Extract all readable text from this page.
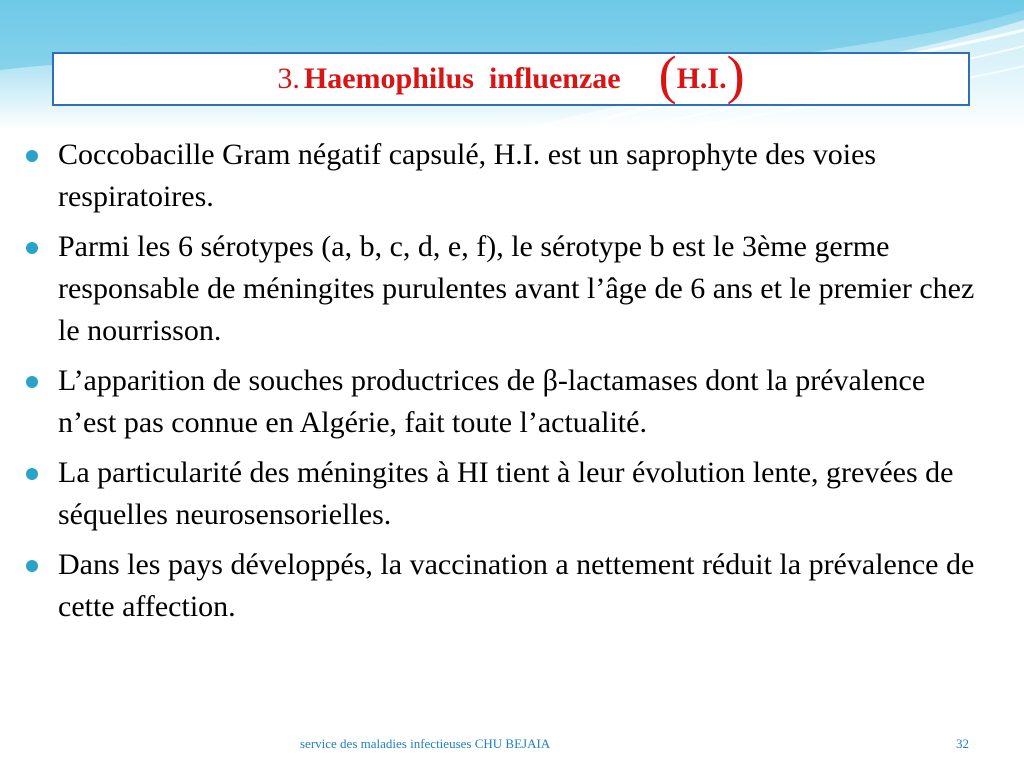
3. Haemophilus  influenzae ( H.I. )
Coccobacille Gram négatif capsulé, H.I. est un saprophyte des voies respiratoires.
Parmi les 6 sérotypes (a, b, c, d, e, f), le sérotype b est le 3ème germe responsable de méningites purulentes avant l’âge de 6 ans et le premier chez le nourrisson.
L’apparition de souches productrices de β-lactamases dont la prévalence n’est pas connue en Algérie, fait toute l’actualité.
La particularité des méningites à HI tient à leur évolution lente, grevées de séquelles neurosensorielles.
Dans les pays développés, la vaccination a nettement réduit la prévalence de cette affection.
service des maladies infectieuses CHU BEJAIA	32
